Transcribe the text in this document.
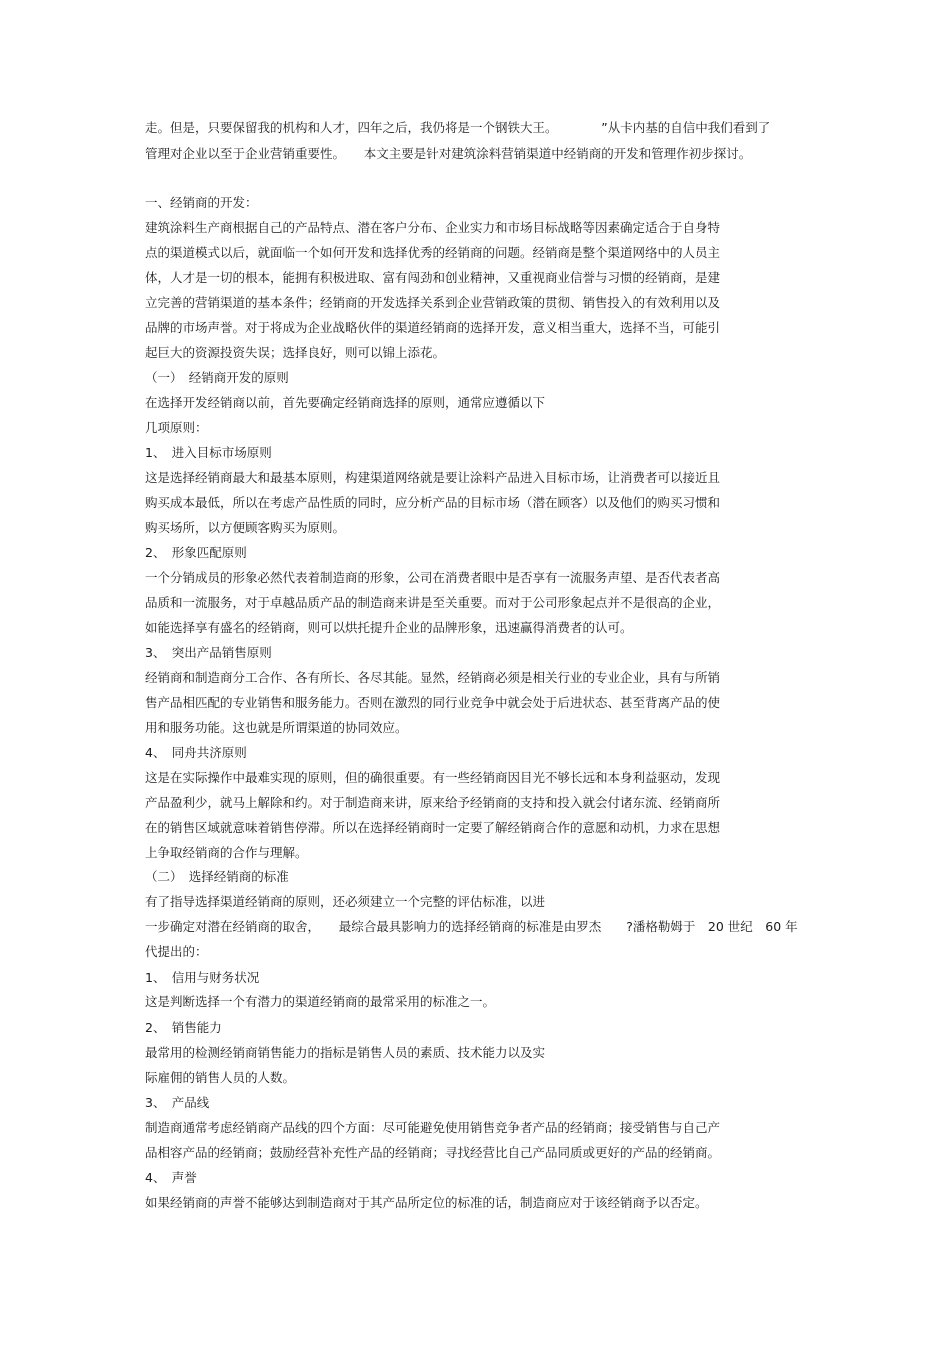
走。但是，只要保留我的机构和人才，四年之后，我仍将是一个钢铁大王。　　　　”从卡内基的自信中我们看到了

管理对企业以至于企业营销重要性。　　本文主要是针对建筑涂料营销渠道中经销商的开发和管理作初步探讨。

一、经销商的开发：

建筑涂料生产商根据自己的产品特点、潜在客户分布、企业实力和市场目标战略等因素确定适合于自身特

点的渠道模式以后，就面临一个如何开发和选择优秀的经销商的问题。经销商是整个渠道网络中的人员主

体，人才是一切的根本，能拥有积极进取、富有闯劲和创业精神，又重视商业信誉与习惯的经销商，是建

立完善的营销渠道的基本条件；经销商的开发选择关系到企业营销政策的贯彻、销售投入的有效利用以及

品牌的市场声誉。对于将成为企业战略伙伴的渠道经销商的选择开发，意义相当重大，选择不当，可能引

起巨大的资源投资失误；选择良好，则可以锦上添花。

（一）　经销商开发的原则

在选择开发经销商以前，首先要确定经销商选择的原则，通常应遵循以下

几项原则：

1、　进入目标市场原则

这是选择经销商最大和最基本原则，构建渠道网络就是要让涂料产品进入目标市场，让消费者可以接近且

购买成本最低，所以在考虑产品性质的同时，应分析产品的目标市场（潜在顾客）以及他们的购买习惯和

购买场所，以方便顾客购买为原则。

2、　形象匹配原则

一个分销成员的形象必然代表着制造商的形象，公司在消费者眼中是否享有一流服务声望、是否代表者高

品质和一流服务，对于卓越品质产品的制造商来讲是至关重要。而对于公司形象起点并不是很高的企业，

如能选择享有盛名的经销商，则可以烘托提升企业的品牌形象，迅速赢得消费者的认可。

3、　突出产品销售原则

经销商和制造商分工合作、各有所长、各尽其能。显然，经销商必须是相关行业的专业企业，具有与所销

售产品相匹配的专业销售和服务能力。否则在激烈的同行业竞争中就会处于后进状态、甚至背离产品的使

用和服务功能。这也就是所谓渠道的协同效应。

4、　同舟共济原则

这是在实际操作中最难实现的原则，但的确很重要。有一些经销商因目光不够长远和本身利益驱动，发现

产品盈利少，就马上解除和约。对于制造商来讲，原来给予经销商的支持和投入就会付诸东流、经销商所

在的销售区域就意味着销售停滞。所以在选择经销商时一定要了解经销商合作的意愿和动机，力求在思想

上争取经销商的合作与理解。

（二）　选择经销商的标准

有了指导选择渠道经销商的原则，还必须建立一个完整的评估标准，以进

一步确定对潜在经销商的取舍，　　最综合最具影响力的选择经销商的标准是由罗杰　　?潘格勒姆于　20 世纪　60 年

代提出的：

1、　信用与财务状况

这是判断选择一个有潜力的渠道经销商的最常采用的标准之一。

2、　销售能力

最常用的检测经销商销售能力的指标是销售人员的素质、技术能力以及实

际雇佣的销售人员的人数。

3、　产品线

制造商通常考虑经销商产品线的四个方面：尽可能避免使用销售竞争者产品的经销商；接受销售与自己产

品相容产品的经销商；鼓励经营补充性产品的经销商；寻找经营比自己产品同质或更好的产品的经销商。

4、　声誉

如果经销商的声誉不能够达到制造商对于其产品所定位的标准的话，制造商应对于该经销商予以否定。
